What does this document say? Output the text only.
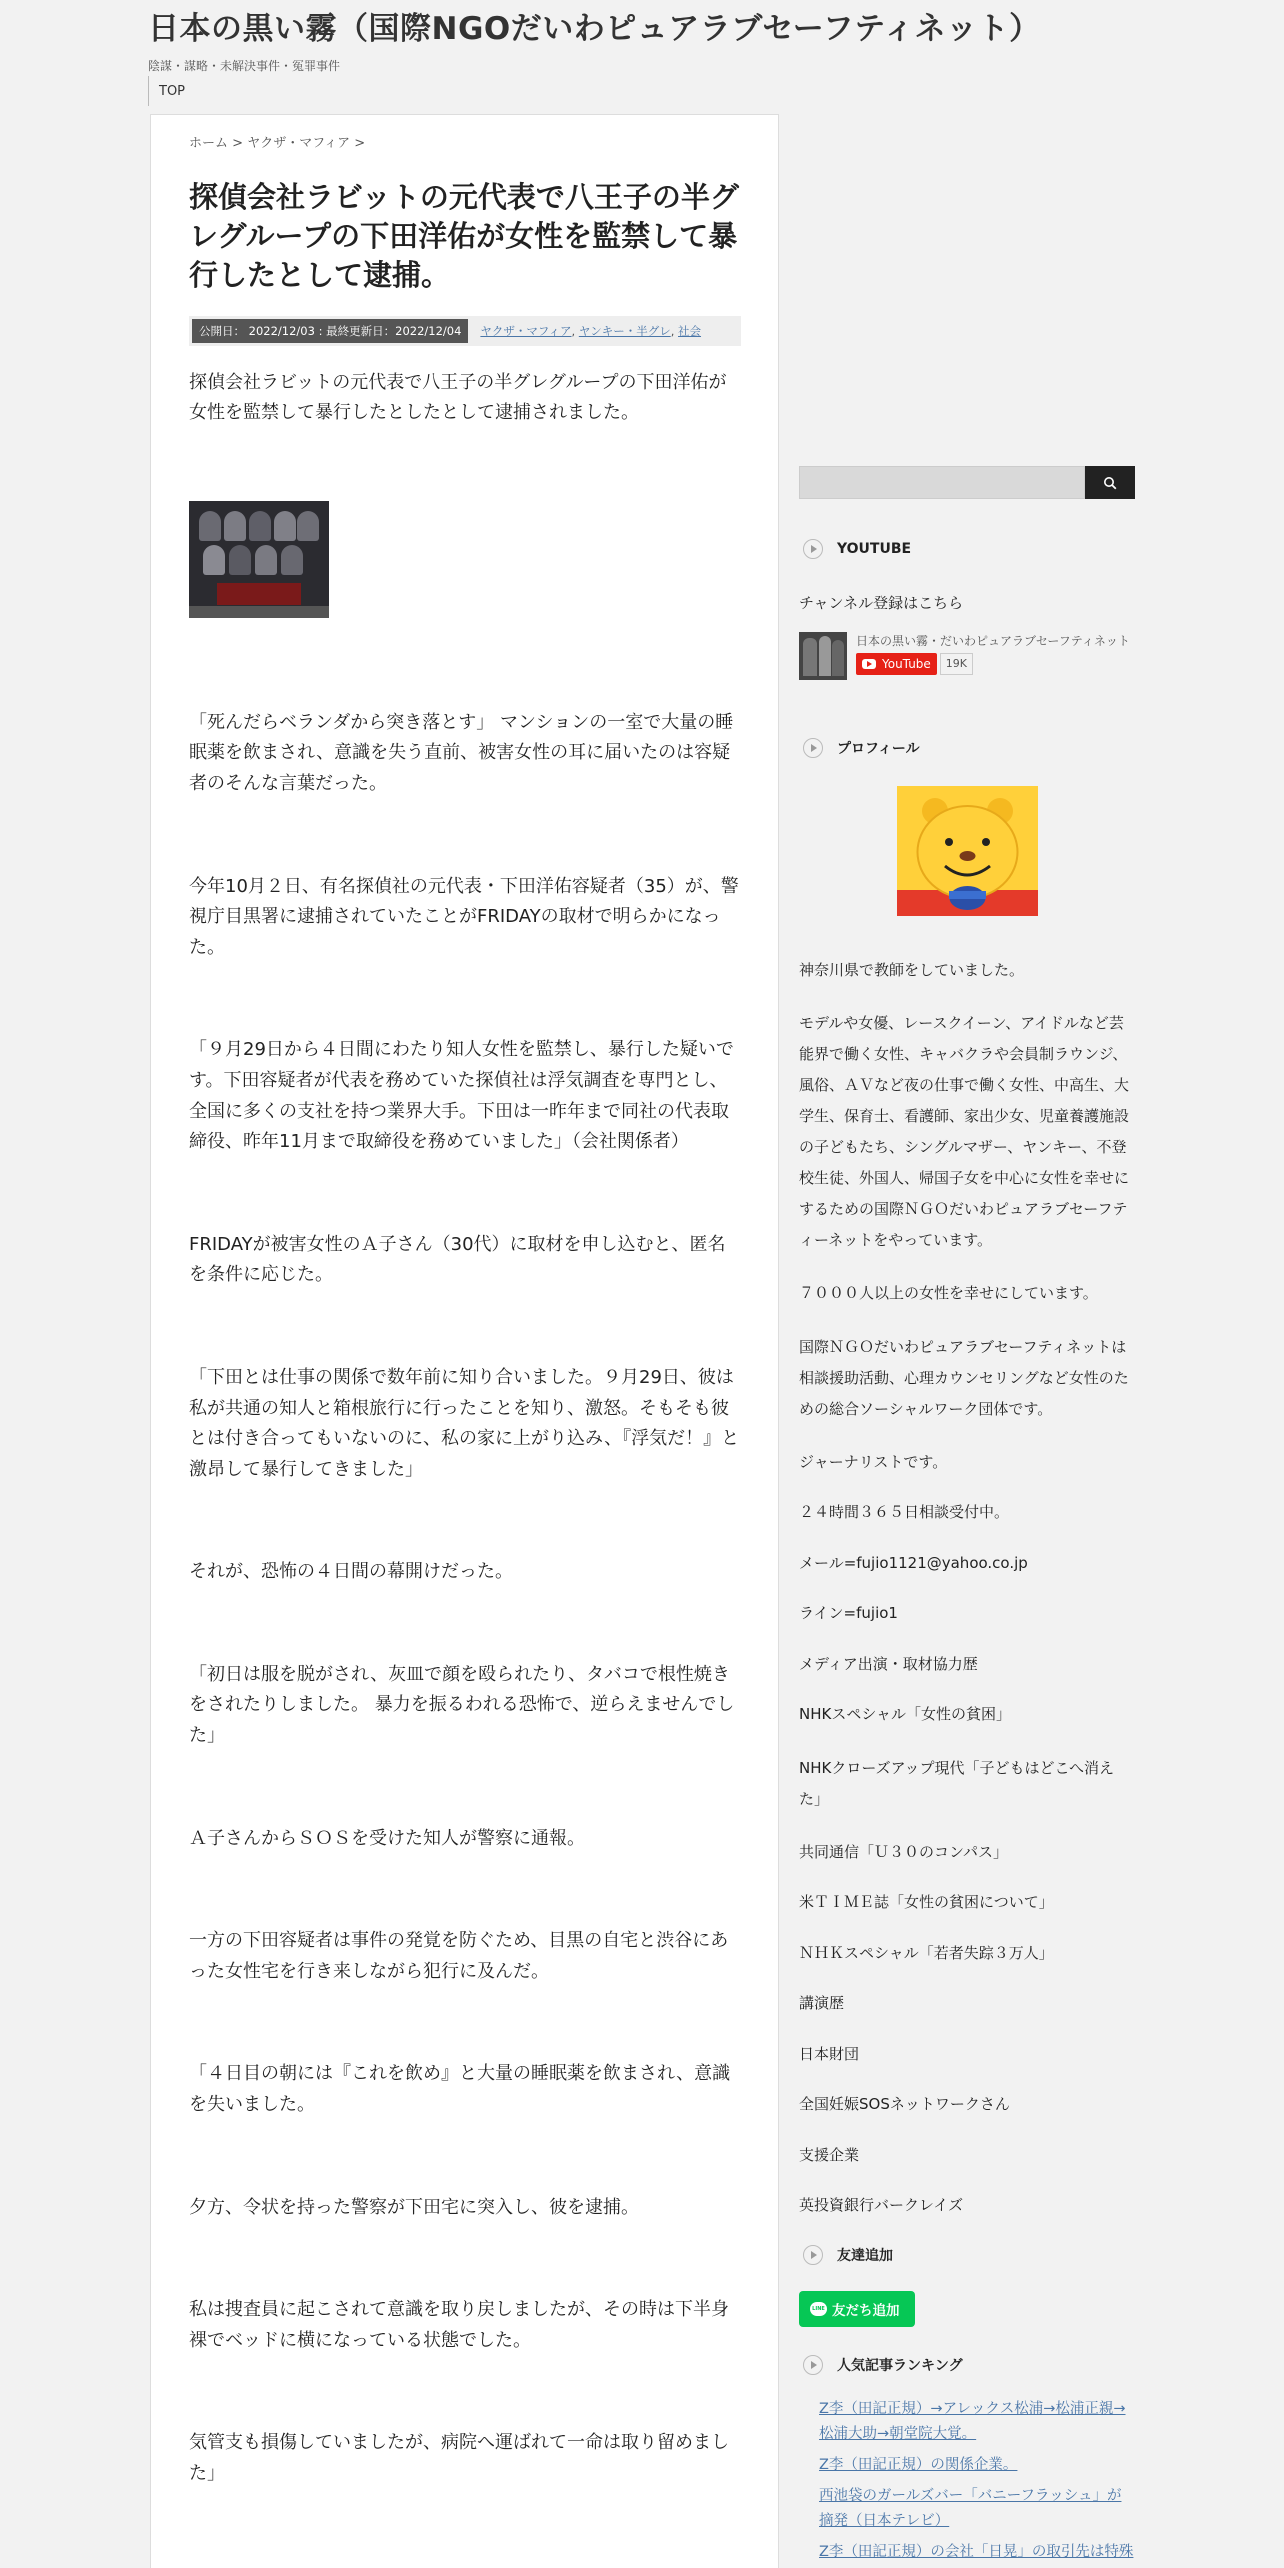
日本の黒い霧（国際NGOだいわピュアラブセーフティネット）
陰謀・謀略・未解決事件・冤罪事件
TOP
ホーム > ヤクザ・マフィア >
探偵会社ラビットの元代表で八王子の半グレグループの下田洋佑が女性を監禁して暴行したとして逮捕。
公開日： 2022/12/03 : 最終更新日：2022/12/04	ヤクザ・マフィア, ヤンキー・半グレ, 社会

探偵会社ラビットの元代表で八王子の半グレグループの下田洋佑が女性を監禁して暴行したとしたとして逮捕されました。

「死んだらベランダから突き落とす」 マンションの一室で大量の睡眠薬を飲まされ、意識を失う直前、被害女性の耳に届いたのは容疑者のそんな言葉だった。

今年10月２日、有名探偵社の元代表・下田洋佑容疑者（35）が、警視庁目黒署に逮捕されていたことがFRIDAYの取材で明らかになった。

「９月29日から４日間にわたり知人女性を監禁し、暴行した疑いです。下田容疑者が代表を務めていた探偵社は浮気調査を専門とし、全国に多くの支社を持つ業界大手。下田は一昨年まで同社の代表取締役、昨年11月まで取締役を務めていました」（会社関係者）

FRIDAYが被害女性のＡ子さん（30代）に取材を申し込むと、匿名を条件に応じた。

「下田とは仕事の関係で数年前に知り合いました。９月29日、彼は私が共通の知人と箱根旅行に行ったことを知り、激怒。そもそも彼とは付き合ってもいないのに、私の家に上がり込み、『浮気だ！』と激昂して暴行してきました」

それが、恐怖の４日間の幕開けだった。

「初日は服を脱がされ、灰皿で顔を殴られたり、タバコで根性焼きをされたりしました。 暴力を振るわれる恐怖で、逆らえませんでした」

Ａ子さんからＳＯＳを受けた知人が警察に通報。

一方の下田容疑者は事件の発覚を防ぐため、目黒の自宅と渋谷にあった女性宅を行き来しながら犯行に及んだ。

「４日目の朝には『これを飲め』と大量の睡眠薬を飲まされ、意識を失いました。

夕方、令状を持った警察が下田宅に突入し、彼を逮捕。

私は捜査員に起こされて意識を取り戻しましたが、その時は下半身裸でベッドに横になっている状態でした。

気管支も損傷していましたが、病院へ運ばれて一命は取り留めました」

YOUTUBE
チャンネル登録はこちら
日本の黒い霧・だいわピュアラブセーフティネット
YouTube	19K
プロフィール

神奈川県で教師をしていました。

モデルや女優、レースクイーン、アイドルなど芸能界で働く女性、キャバクラや会員制ラウンジ、風俗、ＡＶなど夜の仕事で働く女性、中高生、大学生、保育士、看護師、家出少女、児童養護施設の子どもたち、シングルマザー、ヤンキー、不登校生徒、外国人、帰国子女を中心に女性を幸せにするための国際ＮＧＯだいわピュアラブセーフティーネットをやっています。

７０００人以上の女性を幸せにしています。

国際ＮＧＯだいわピュアラブセーフティネットは相談援助活動、心理カウンセリングなど女性のための総合ソーシャルワーク団体です。

ジャーナリストです。

２４時間３６５日相談受付中。

メール=fujio1121@yahoo.co.jp

ライン=fujio1

メディア出演・取材協力歴

NHKスペシャル「女性の貧困」

NHKクローズアップ現代「子どもはどこへ消えた」

共同通信「Ｕ３０のコンパス」

米ＴＩＭＥ誌「女性の貧困について」

ＮＨＫスペシャル「若者失踪３万人」

講演歴

日本財団

全国妊娠SOSネットワークさん

支援企業

英投資銀行バークレイズ

友達追加
LINE 友だち追加
人気記事ランキング
Z李（田記正規）→アレックス松浦→松浦正親→松浦大助→朝堂院大覚。
Z李（田記正規）の関係企業。
西池袋のガールズバー「バニーフラッシュ」が摘発（日本テレビ）
Z李（田記正規）の会社「日晃」の取引先は特殊
